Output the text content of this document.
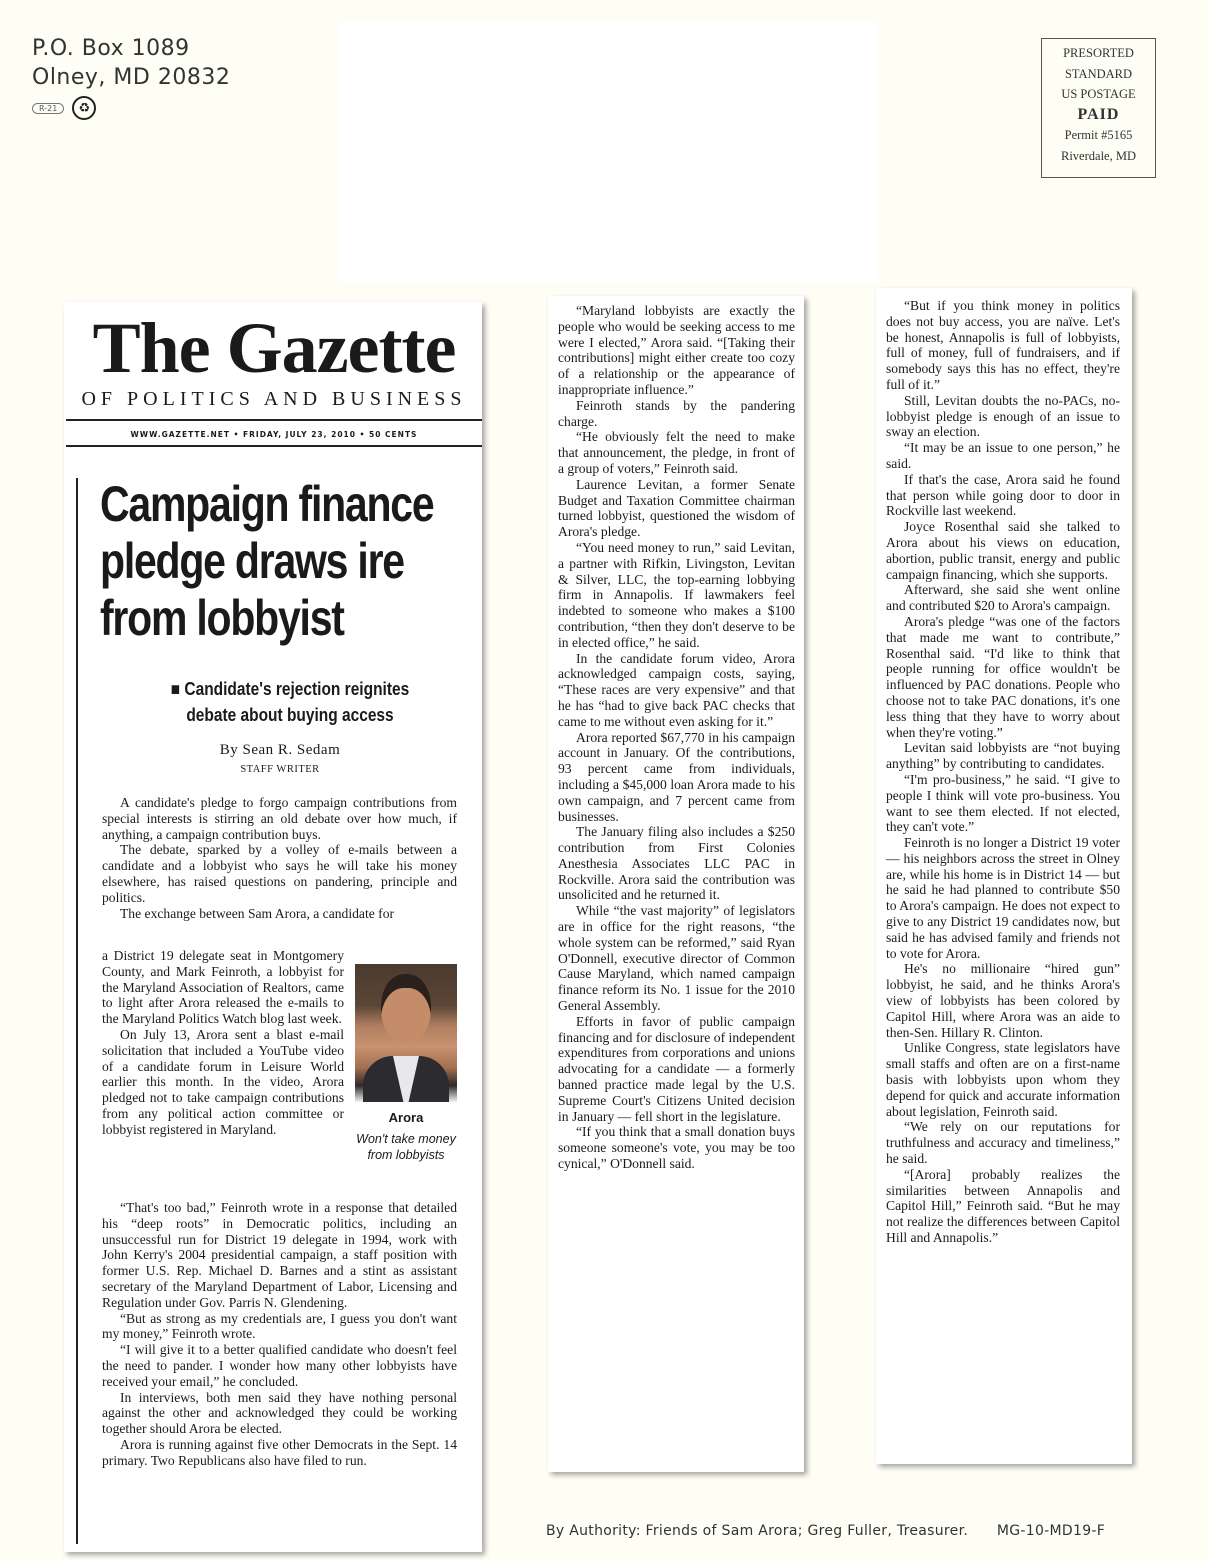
P.O. Box 1089
Olney, MD 20832
R-21	♻
PRESORTED
STANDARD
US POSTAGE
PAID
Permit #5165
Riverdale, MD
The Gazette
OF POLITICS AND BUSINESS
WWW.GAZETTE.NET • FRIDAY, JULY 23, 2010 • 50 CENTS
Campaign finance pledge draws ire from lobbyist
■ Candidate's rejection reignites debate about buying access
By Sean R. Sedam
STAFF WRITER

A candidate's pledge to forgo campaign contributions from special interests is stirring an old debate over how much, if anything, a campaign contribution buys.

The debate, sparked by a volley of e-mails between a candidate and a lobbyist who says he will take his money elsewhere, has raised questions on pandering, principle and politics.

The exchange between Sam Arora, a candidate for

a District 19 delegate seat in Montgomery County, and Mark Feinroth, a lobbyist for the Maryland Association of Realtors, came to light after Arora released the e-mails to the Maryland Politics Watch blog last week.

On July 13, Arora sent a blast e-mail solicitation that included a YouTube video of a candidate forum in Leisure World earlier this month. In the video, Arora pledged not to take campaign contributions from any political action committee or lobbyist registered in Maryland.

Arora
Won't take money from lobbyists

“That's too bad,” Feinroth wrote in a response that detailed his “deep roots” in Democratic politics, including an unsuccessful run for District 19 delegate in 1994, work with John Kerry's 2004 presidential campaign, a staff position with former U.S. Rep. Michael D. Barnes and a stint as assistant secretary of the Maryland Department of Labor, Licensing and Regulation under Gov. Parris N. Glendening.

“But as strong as my credentials are, I guess you don't want my money,” Feinroth wrote.

“I will give it to a better qualified candidate who doesn't feel the need to pander. I wonder how many other lobbyists have received your email,” he concluded.

In interviews, both men said they have nothing personal against the other and acknowledged they could be working together should Arora be elected.

Arora is running against five other Democrats in the Sept. 14 primary. Two Republicans also have filed to run.

“Maryland lobbyists are exactly the people who would be seeking access to me were I elected,” Arora said. “[Taking their contributions] might either create too cozy of a relationship or the appearance of inappropriate influence.”

Feinroth stands by the pandering charge.

“He obviously felt the need to make that announcement, the pledge, in front of a group of voters,” Feinroth said.

Laurence Levitan, a former Senate Budget and Taxation Committee chairman turned lobbyist, questioned the wisdom of Arora's pledge.

“You need money to run,” said Levitan, a partner with Rifkin, Livingston, Levitan & Silver, LLC, the top-earning lobbying firm in Annapolis. If lawmakers feel indebted to someone who makes a $100 contribution, “then they don't deserve to be in elected office,” he said.

In the candidate forum video, Arora acknowledged campaign costs, saying, “These races are very expensive” and that he has “had to give back PAC checks that came to me without even asking for it.”

Arora reported $67,770 in his campaign account in January. Of the contributions, 93 percent came from individuals, including a $45,000 loan Arora made to his own campaign, and 7 percent came from businesses.

The January filing also includes a $250 contribution from First Colonies Anesthesia Associates LLC PAC in Rockville. Arora said the contribution was unsolicited and he returned it.

While “the vast majority” of legislators are in office for the right reasons, “the whole system can be reformed,” said Ryan O'Donnell, executive director of Common Cause Maryland, which named campaign finance reform its No. 1 issue for the 2010 General Assembly.

Efforts in favor of public campaign financing and for disclosure of independent expenditures from corporations and unions advocating for a candidate — a formerly banned practice made legal by the U.S. Supreme Court's Citizens United decision in January — fell short in the legislature.

“If you think that a small donation buys someone someone's vote, you may be too cynical,” O'Donnell said.

“But if you think money in politics does not buy access, you are naïve. Let's be honest, Annapolis is full of lobbyists, full of money, full of fundraisers, and if somebody says this has no effect, they're full of it.”

Still, Levitan doubts the no-PACs, no-lobbyist pledge is enough of an issue to sway an election.

“It may be an issue to one person,” he said.

If that's the case, Arora said he found that person while going door to door in Rockville last weekend.

Joyce Rosenthal said she talked to Arora about his views on education, abortion, public transit, energy and public campaign financing, which she supports.

Afterward, she said she went online and contributed $20 to Arora's campaign.

Arora's pledge “was one of the factors that made me want to contribute,” Rosenthal said. “I'd like to think that people running for office wouldn't be influenced by PAC donations. People who choose not to take PAC donations, it's one less thing that they have to worry about when they're voting.”

Levitan said lobbyists are “not buying anything” by contributing to candidates.

“I'm pro-business,” he said. “I give to people I think will vote pro-business. You want to see them elected. If not elected, they can't vote.”

Feinroth is no longer a District 19 voter — his neighbors across the street in Olney are, while his home is in District 14 — but he said he had planned to contribute $50 to Arora's campaign. He does not expect to give to any District 19 candidates now, but said he has advised family and friends not to vote for Arora.

He's no millionaire “hired gun” lobbyist, he said, and he thinks Arora's view of lobbyists has been colored by Capitol Hill, where Arora was an aide to then-Sen. Hillary R. Clinton.

Unlike Congress, state legislators have small staffs and often are on a first-name basis with lobbyists upon whom they depend for quick and accurate information about legislation, Feinroth said.

“We rely on our reputations for truthfulness and accuracy and timeliness,” he said.

“[Arora] probably realizes the similarities between Annapolis and Capitol Hill,” Feinroth said. “But he may not realize the differences between Capitol Hill and Annapolis.”

By Authority: Friends of Sam Arora; Greg Fuller, Treasurer. MG-10-MD19-F
